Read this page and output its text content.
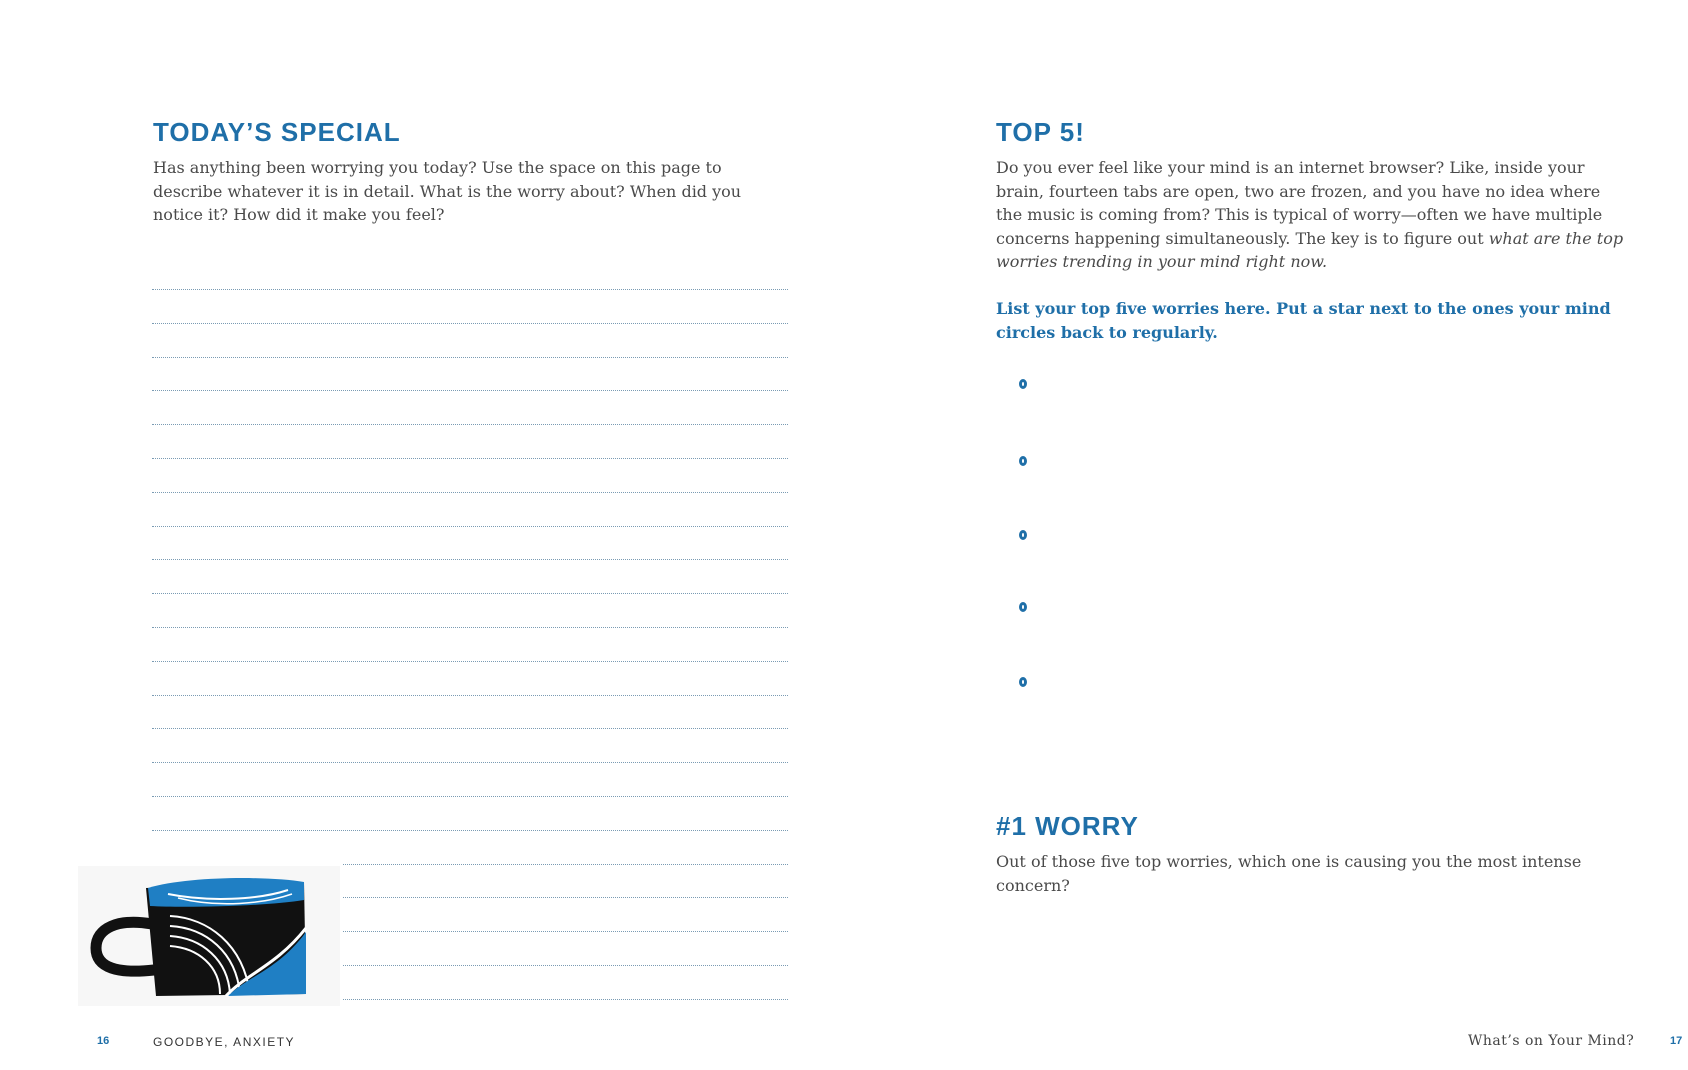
TODAY’S SPECIAL

Has anything been worrying you today? Use the space on this page to describe whatever it is in detail. What is the worry about? When did you notice it? How did it make you feel?

16	GOODBYE, ANXIETY
TOP 5!

Do you ever feel like your mind is an internet browser? Like, inside your brain, fourteen tabs are open, two are frozen, and you have no idea where the music is coming from? This is typical of worry—often we have multiple concerns happening simultaneously. The key is to figure out what are the top worries trending in your mind right now.

List your top five worries here. Put a star next to the ones your mind circles back to regularly.

#1 WORRY

Out of those five top worries, which one is causing you the most intense concern?

What’s on Your Mind?	17
